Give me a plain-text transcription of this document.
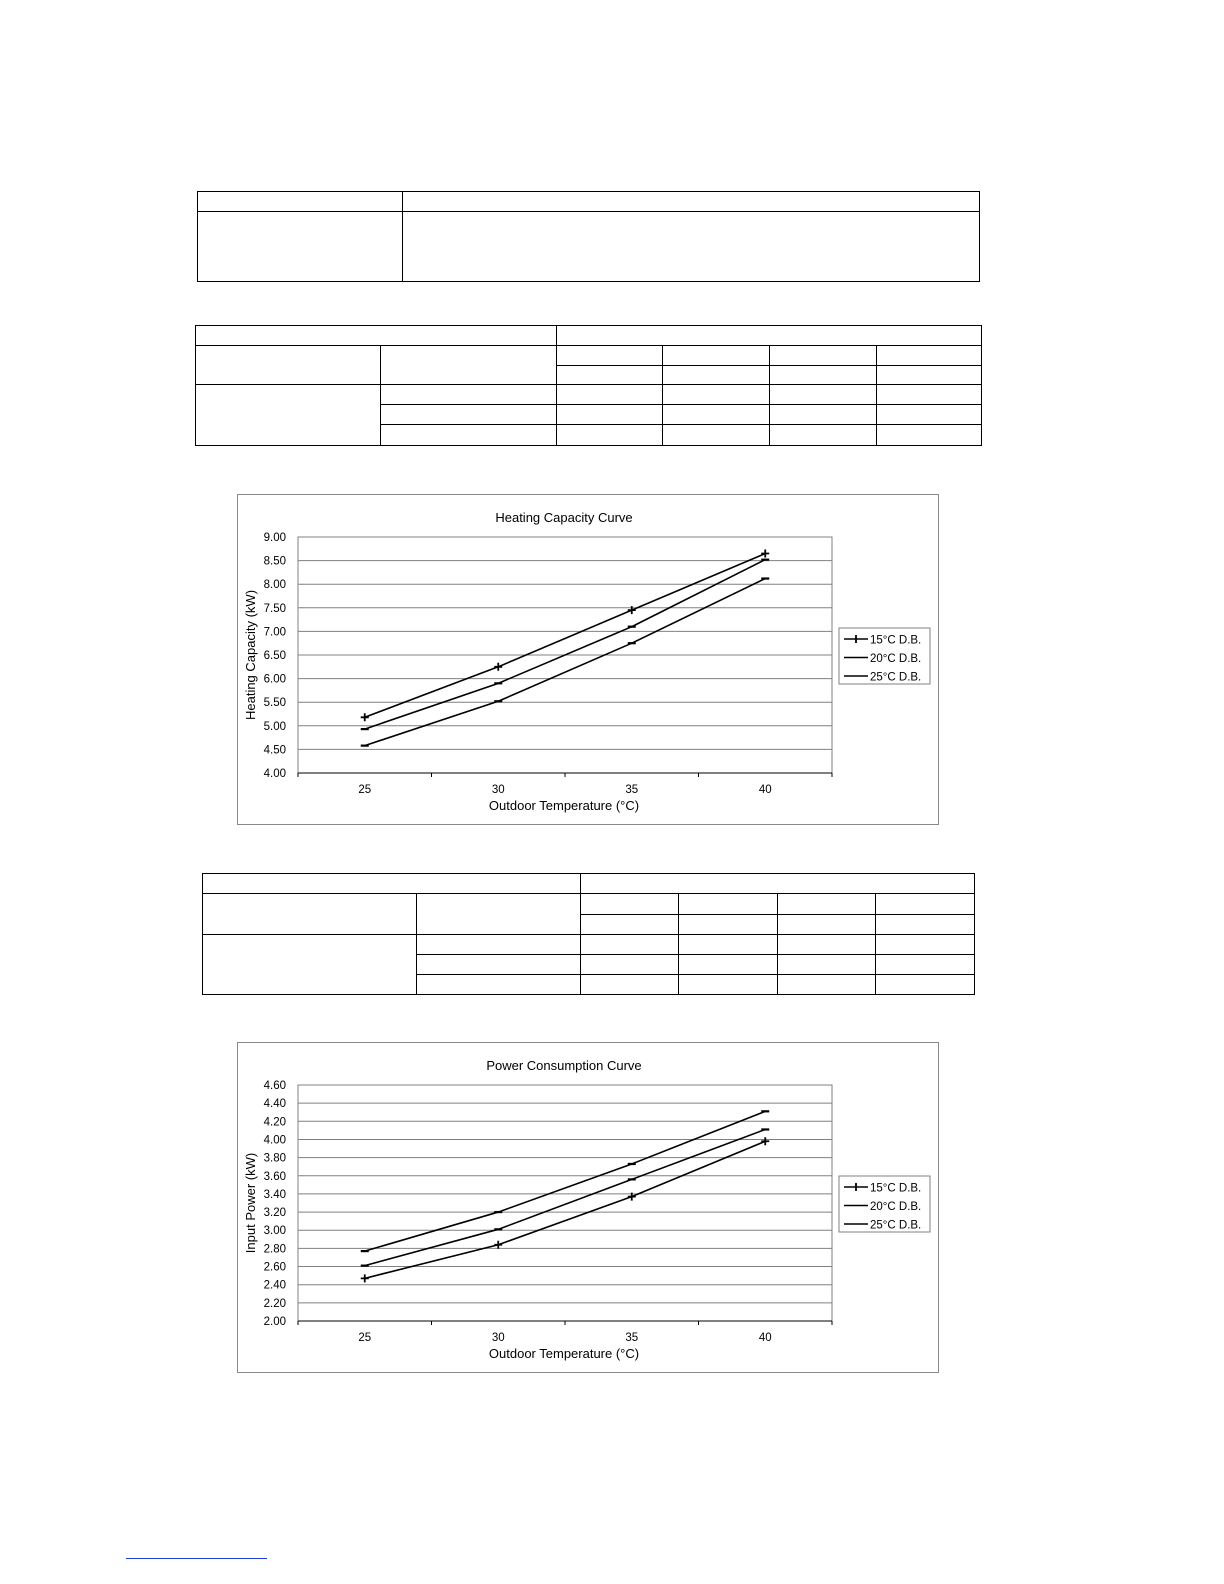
4.00
4.50
5.00
5.50
6.00
6.50
7.00
7.50
8.00
8.50
9.00
25	30	35	40
Heating Capacity Curve
Outdoor Temperature (°C)
Heating Capacity (kW)	15°C D.B.
20°C D.B.
25°C D.B.

2.00
2.20
2.40
2.60
2.80
3.00
3.20
3.40
3.60
3.80
4.00
4.20
4.40
4.60
25	30	35	40
Power Consumption Curve
Outdoor Temperature (°C)
Input Power (kW)	15°C D.B.
20°C D.B.
25°C D.B.
